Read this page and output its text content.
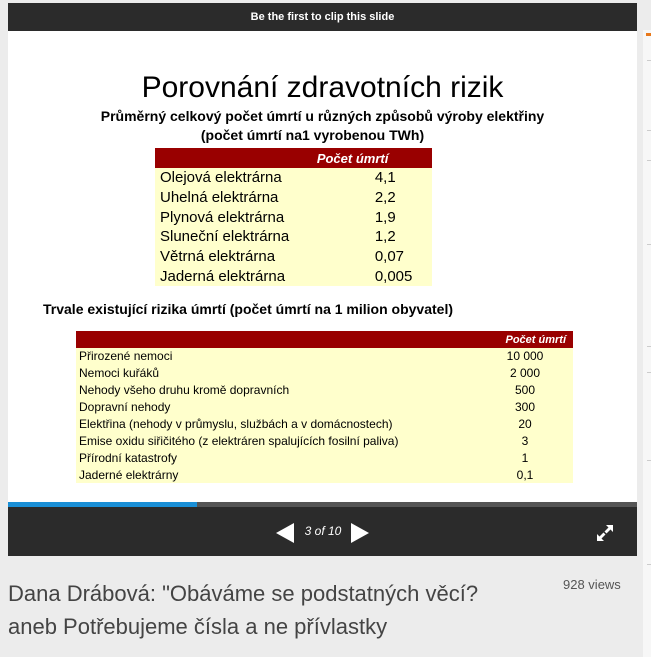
Be the first to clip this slide
Porovnání zdravotních rizik
Průměrný celkový počet úmrtí u různých způsobů výroby elektřiny
(počet úmrtí na1 vyrobenou TWh)
	Počet úmrtí
Olejová elektrárna	4,1
Uhelná elektrárna	2,2
Plynová elektrárna	1,9
Sluneční elektrárna	1,2
Větrná elektrárna	0,07
Jaderná elektrárna	0,005
Trvale existující rizika úmrtí (počet úmrtí na 1 milion obyvatel)
	Počet úmrtí
Přirozené nemoci	10 000
Nemoci kuřáků	2 000
Nehody všeho druhu kromě dopravních	500
Dopravní nehody	300
Elektřina (nehody v průmyslu, službách a v domácnostech)	20
Emise oxidu siřičitého (z elektráren spalujících fosilní paliva)	3
Přírodní katastrofy	1
Jaderné elektrárny	0,1
3 of 10
Dana Drábová: "Obáváme se podstatných věcí? aneb Potřebujeme čísla a ne přívlastky
928 views
